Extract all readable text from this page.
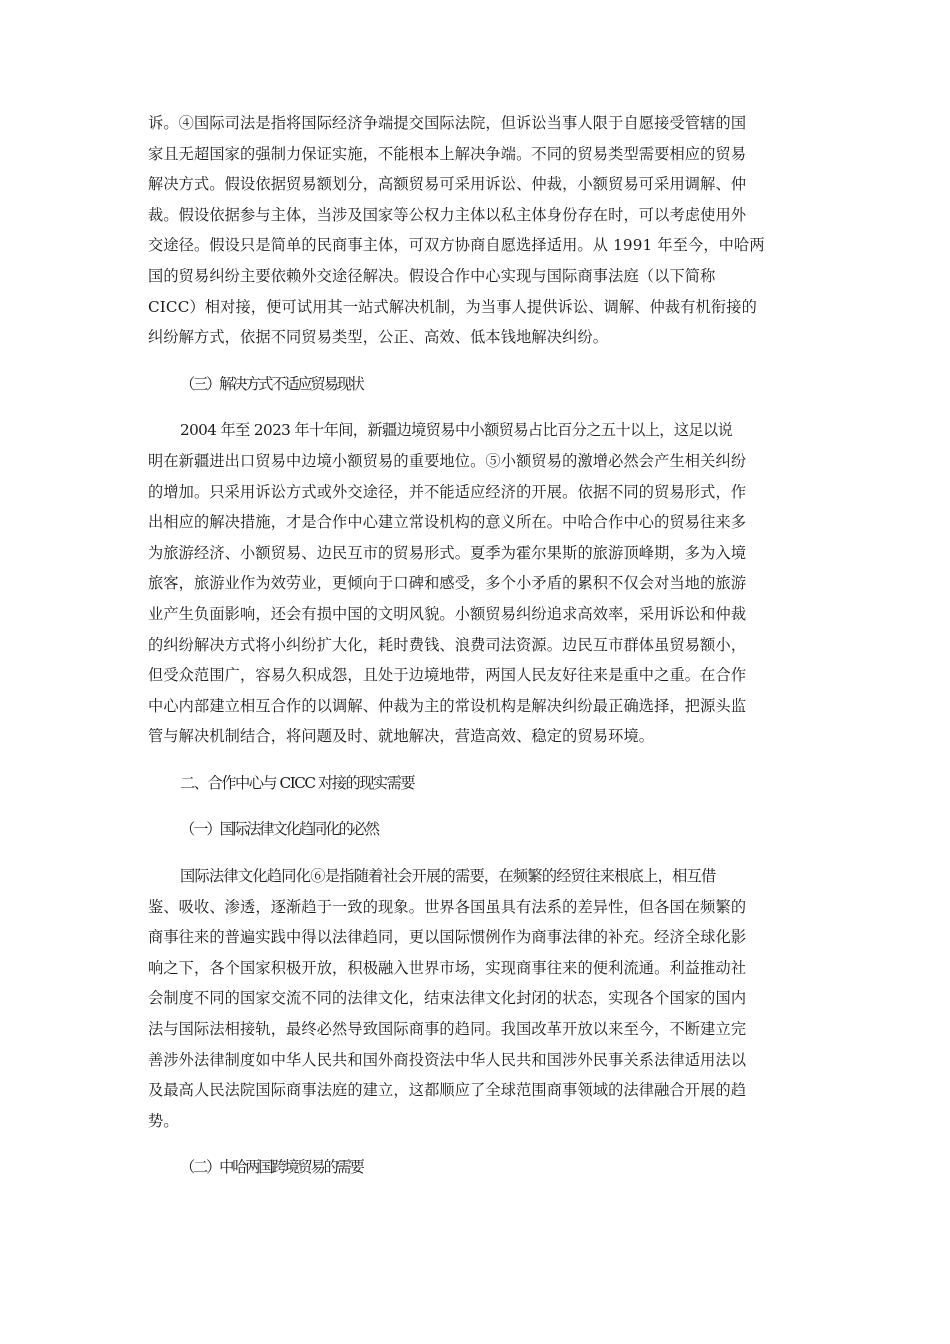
诉。④国际司法是指将国际经济争端提交国际法院，但诉讼当事人限于自愿接受管辖的国
家且无超国家的强制力保证实施，不能根本上解决争端。不同的贸易类型需要相应的贸易
解决方式。假设依据贸易额划分，高额贸易可采用诉讼、仲裁，小额贸易可采用调解、仲
裁。假设依据参与主体，当涉及国家等公权力主体以私主体身份存在时，可以考虑使用外
交途径。假设只是简单的民商事主体，可双方协商自愿选择适用。从 1991 年至今，中哈两
国的贸易纠纷主要依赖外交途径解决。假设合作中心实现与国际商事法庭（以下简称
CICC）相对接，便可试用其一站式解决机制，为当事人提供诉讼、调解、仲裁有机衔接的
纠纷解方式，依据不同贸易类型，公正、高效、低本钱地解决纠纷。
（三）解决方式不适应贸易现状
2004 年至 2023 年十年间，新疆边境贸易中小额贸易占比百分之五十以上，这足以说
明在新疆进出口贸易中边境小额贸易的重要地位。⑤小额贸易的激增必然会产生相关纠纷
的增加。只采用诉讼方式或外交途径，并不能适应经济的开展。依据不同的贸易形式，作
出相应的解决措施，才是合作中心建立常设机构的意义所在。中哈合作中心的贸易往来多
为旅游经济、小额贸易、边民互市的贸易形式。夏季为霍尔果斯的旅游顶峰期，多为入境
旅客，旅游业作为效劳业，更倾向于口碑和感受，多个小矛盾的累积不仅会对当地的旅游
业产生负面影响，还会有损中国的文明风貌。小额贸易纠纷追求高效率，采用诉讼和仲裁
的纠纷解决方式将小纠纷扩大化，耗时费钱、浪费司法资源。边民互市群体虽贸易额小，
但受众范围广，容易久积成怨，且处于边境地带，两国人民友好往来是重中之重。在合作
中心内部建立相互合作的以调解、仲裁为主的常设机构是解决纠纷最正确选择，把源头监
管与解决机制结合，将问题及时、就地解决，营造高效、稳定的贸易环境。
二、合作中心与 CICC 对接的现实需要
（一）国际法律文化趋同化的必然
国际法律文化趋同化⑥是指随着社会开展的需要，在频繁的经贸往来根底上，相互借
鉴、吸收、渗透，逐渐趋于一致的现象。世界各国虽具有法系的差异性，但各国在频繁的
商事往来的普遍实践中得以法律趋同，更以国际惯例作为商事法律的补充。经济全球化影
响之下，各个国家积极开放，积极融入世界市场，实现商事往来的便利流通。利益推动社
会制度不同的国家交流不同的法律文化，结束法律文化封闭的状态，实现各个国家的国内
法与国际法相接轨，最终必然导致国际商事的趋同。我国改革开放以来至今，不断建立完
善涉外法律制度如中华人民共和国外商投资法中华人民共和国涉外民事关系法律适用法以
及最高人民法院国际商事法庭的建立，这都顺应了全球范围商事领域的法律融合开展的趋
势。
（二）中哈两国跨境贸易的需要
